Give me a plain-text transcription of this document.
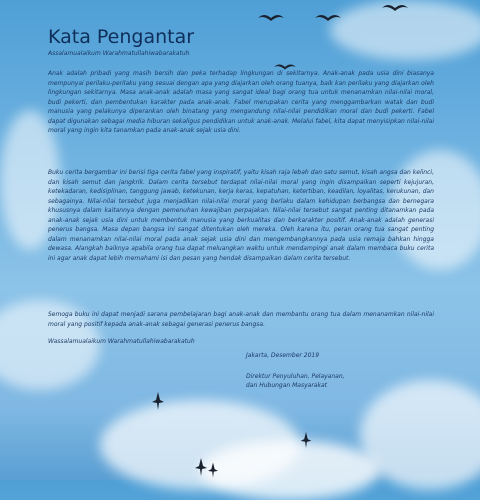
Kata Pengantar

Assalamualaikum Warahmatullahiwabarakatuh

Anak adalah pribadi yang masih bersih dan peka terhadap lingkungan di sekitarnya. Anak-anak pada usia dini biasanya mempunyai perilaku-perilaku yang sesuai dengan apa yang diajarkan oleh orang tuanya, baik kan perilaku yang diajarkan oleh lingkungan sekitarnya. Masa anak-anak adalah masa yang sangat ideal bagi orang tua untuk menanamkan nilai-nilai moral, budi pekerti, dan pembentukan karakter pada anak-anak. Fabel merupakan cerita yang menggambarkan watak dan budi manusia yang pelakunya diperankan oleh binatang yang mengandung nilai-nilai pendidikan moral dan budi pekerti. Fabel dapat digunakan sebagai media hiburan sekaligus pendidikan untuk anak-anak. Melalui fabel, kita dapat menyisipkan nilai-nilai moral yang ingin kita tanamkan pada anak-anak sejak usia dini.

Buku cerita bergambar ini berisi tiga cerita fabel yang inspiratif, yaitu kisah raja lebah dan satu semut, kisah angsa dan kelinci, dan kisah semut dan jangkrik. Dalam cerita tersebut terdapat nilai-nilai moral yang ingin disampaikan seperti kejujuran, ketekadaran, kedisiplinan, tanggung jawab, ketekunan, kerja keras, kepatuhan, ketertiban, keadilan, loyalitas, kerukunan, dan sebagainya. Nilai-nilai tersebut juga menjadikan nilai-nilai moral yang berlaku dalam kehidupan berbangsa dan bernegara khususnya dalam kaitannya dengan pemenuhan kewajiban perpajakan. Nilai-nilai tersebut sangat penting ditanamkan pada anak-anak sejak usia dini untuk membentuk manusia yang berkualitas dan berkarakter positif. Anak-anak adalah generasi penerus bangsa. Masa depan bangsa ini sangat ditentukan oleh mereka. Oleh karena itu, peran orang tua sangat penting dalam menanamkan nilai-nilai moral pada anak sejak usia dini dan mengembangkannya pada usia remaja bahkan hingga dewasa. Alangkah baiknya apabila orang tua dapat meluangkan waktu untuk mendampingi anak dalam membaca buku cerita ini agar anak dapat lebih memahami isi dan pesan yang hendak disampaikan dalam cerita tersebut.

Semoga buku ini dapat menjadi sarana pembelajaran bagi anak-anak dan membantu orang tua dalam menanamkan nilai-nilai moral yang positif kepada anak-anak sebagai generasi penerus bangsa.

Wassalamualaikum Warahmatullahiwabarakatuh

Jakarta, Desember 2019

Direktur Penyuluhan, Pelayanan,
dan Hubungan Masyarakat
